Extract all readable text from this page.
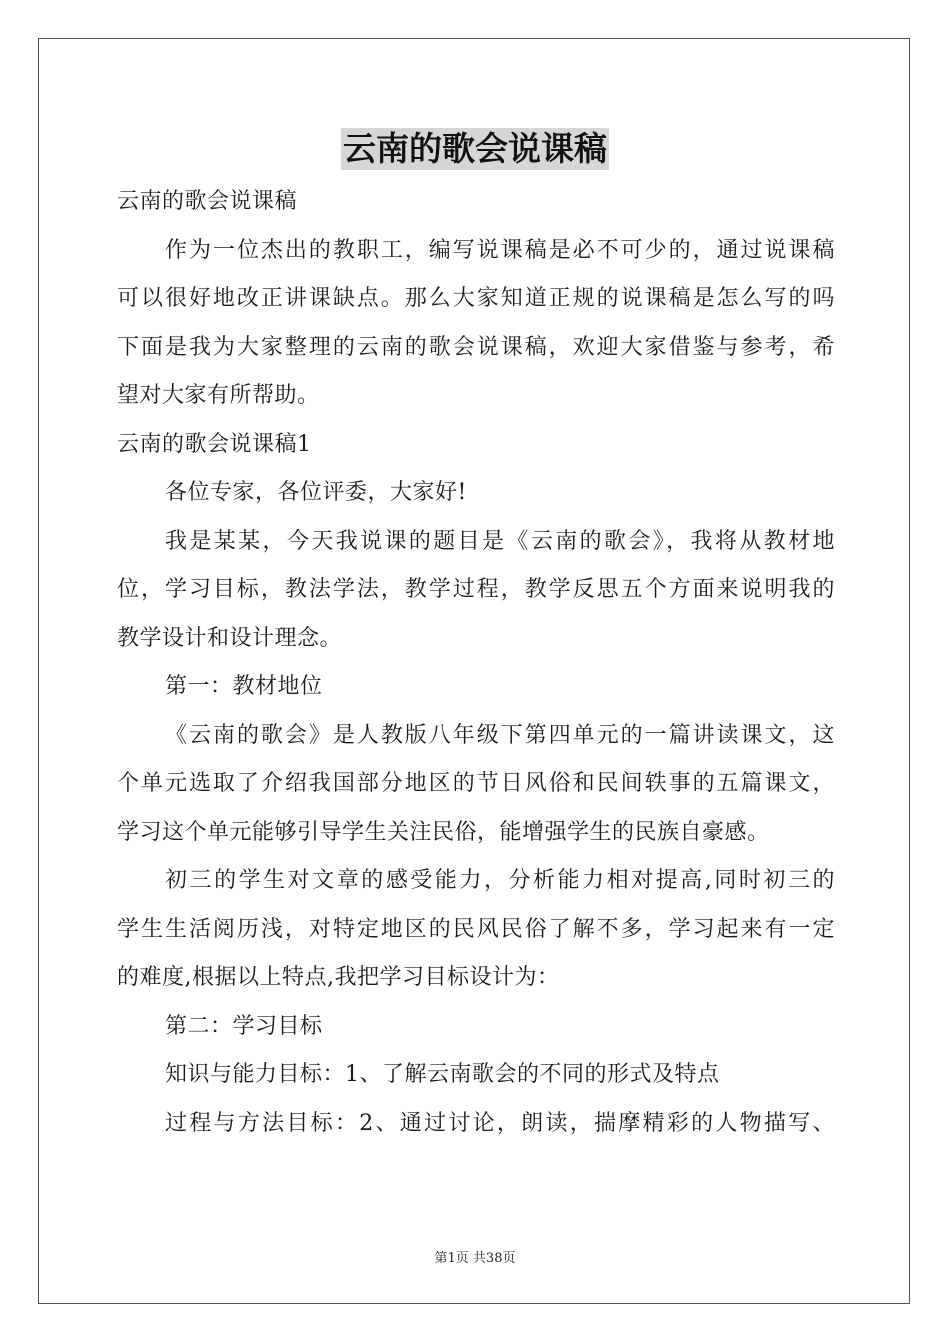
云南的歌会说课稿
云南的歌会说课稿
作为一位杰出的教职工，编写说课稿是必不可少的，通过说课稿
可以很好地改正讲课缺点。那么大家知道正规的说课稿是怎么写的吗
下面是我为大家整理的云南的歌会说课稿，欢迎大家借鉴与参考，希
望对大家有所帮助。
云南的歌会说课稿1
各位专家，各位评委，大家好!
我是某某，今天我说课的题目是《云南的歌会》，我将从教材地
位，学习目标，教法学法，教学过程，教学反思五个方面来说明我的
教学设计和设计理念。
第一：教材地位
《云南的歌会》是人教版八年级下第四单元的一篇讲读课文，这
个单元选取了介绍我国部分地区的节日风俗和民间轶事的五篇课文，
学习这个单元能够引导学生关注民俗，能增强学生的民族自豪感。
初三的学生对文章的感受能力，分析能力相对提高,同时初三的
学生生活阅历浅，对特定地区的民风民俗了解不多，学习起来有一定
的难度,根据以上特点,我把学习目标设计为：
第二：学习目标
知识与能力目标：1、了解云南歌会的不同的形式及特点
过程与方法目标：2、通过讨论，朗读，揣摩精彩的人物描写、
第1页 共38页
